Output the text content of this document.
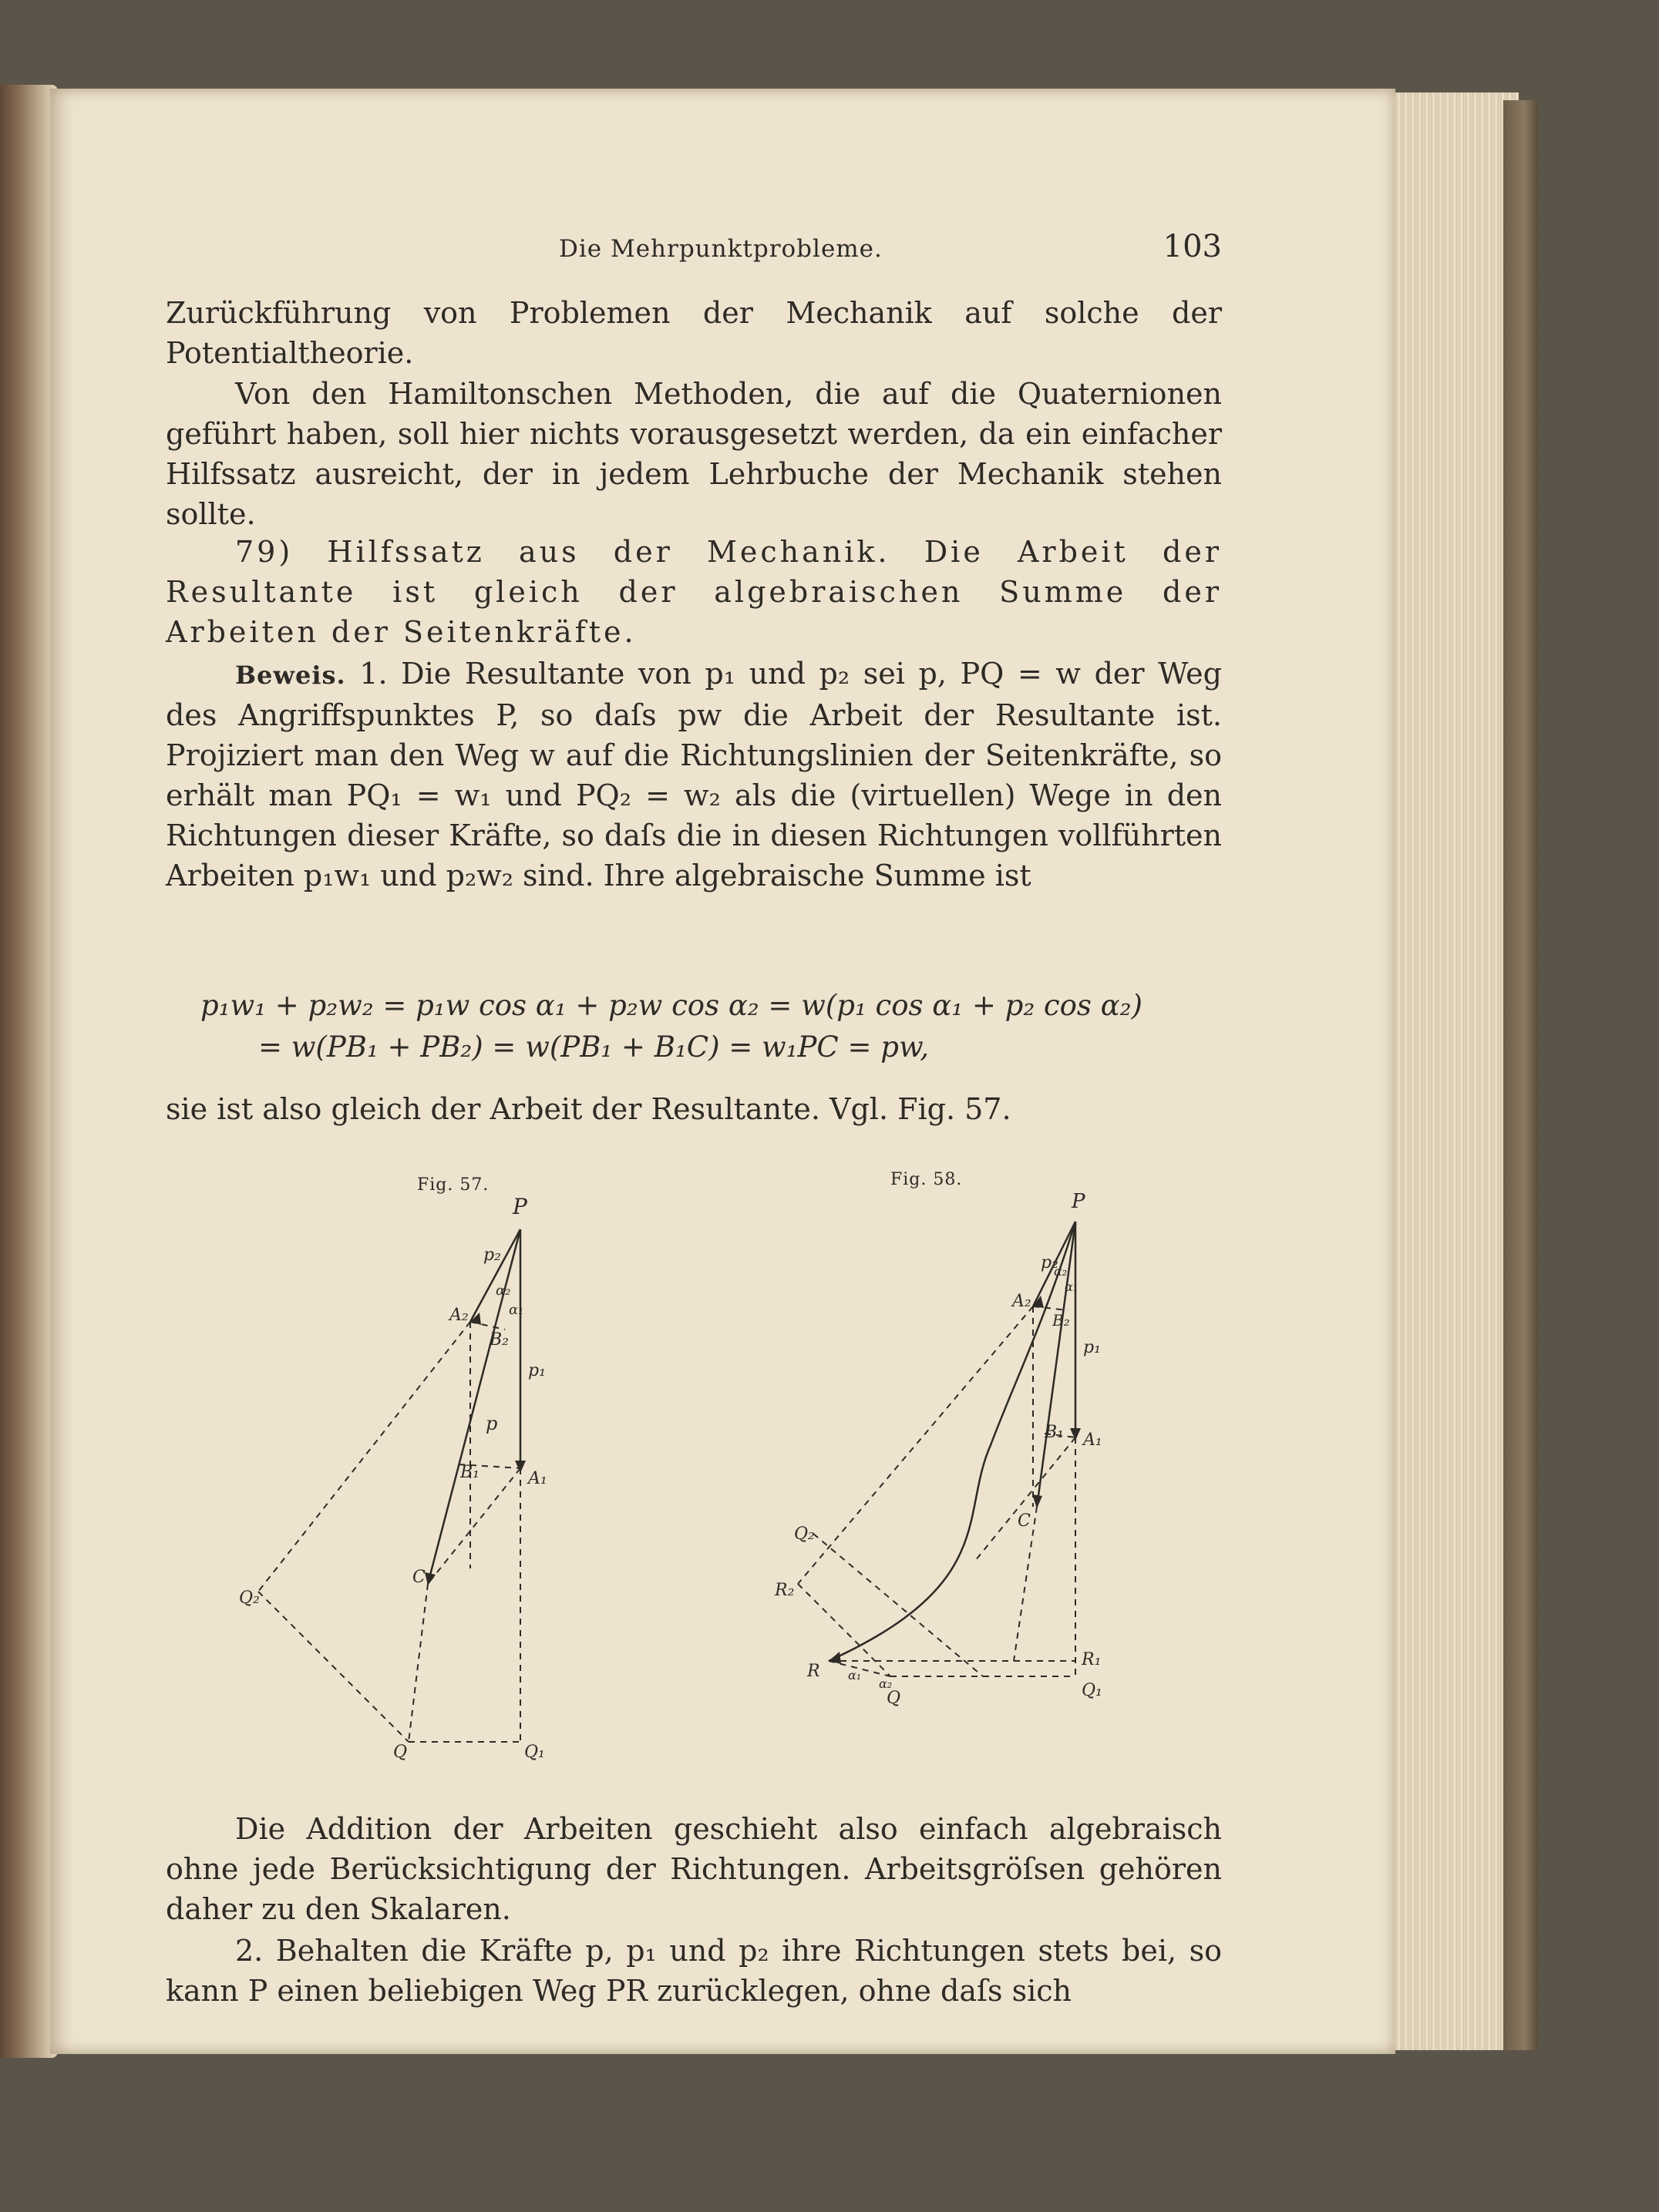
Die Mehrpunktprobleme.	103

Zurückführung von Problemen der Mechanik auf solche der Potentialtheorie.

Von den Hamiltonschen Methoden, die auf die Quaternionen geführt haben, soll hier nichts vorausgesetzt werden, da ein einfacher Hilfssatz ausreicht, der in jedem Lehrbuche der Mechanik stehen sollte.

79) Hilfssatz aus der Mechanik. Die Arbeit der Resultante ist gleich der algebraischen Summe der Arbeiten der Seitenkräfte.

Beweis. 1. Die Resultante von p₁ und p₂ sei p, PQ = w der Weg des Angriffspunktes P, so daſs pw die Arbeit der Resultante ist. Projiziert man den Weg w auf die Richtungslinien der Seitenkräfte, so erhält man PQ₁ = w₁ und PQ₂ = w₂ als die (virtuellen) Wege in den Richtungen dieser Kräfte, so daſs die in diesen Richtungen vollführten Arbeiten p₁w₁ und p₂w₂ sind. Ihre algebraische Summe ist

p₁w₁ + p₂w₂ = p₁w cos α₁ + p₂w cos α₂ = w(p₁ cos α₁ + p₂ cos α₂)
= w(PB₁ + PB₂) = w(PB₁ + B₁C) = w₁PC = pw,

sie ist also gleich der Arbeit der Resultante. Vgl. Fig. 57.

Fig. 57.
P
p₂
α₂
α₁
A₂
B₂
p₁
p
B₁	A₁
C
Q₂
Q	Q₁
Fig. 58.
P
p₂
α₂
α₁
A₂
B₂
p₁
B₁ A₁
C
Q₂
R₂
R α₁
α₂
R₁
Q	Q₁

Die Addition der Arbeiten geschieht also einfach algebraisch ohne jede Berücksichtigung der Richtungen. Arbeitsgröſsen gehören daher zu den Skalaren.

2. Behalten die Kräfte p, p₁ und p₂ ihre Richtungen stets bei, so kann P einen beliebigen Weg PR zurücklegen, ohne daſs sich
